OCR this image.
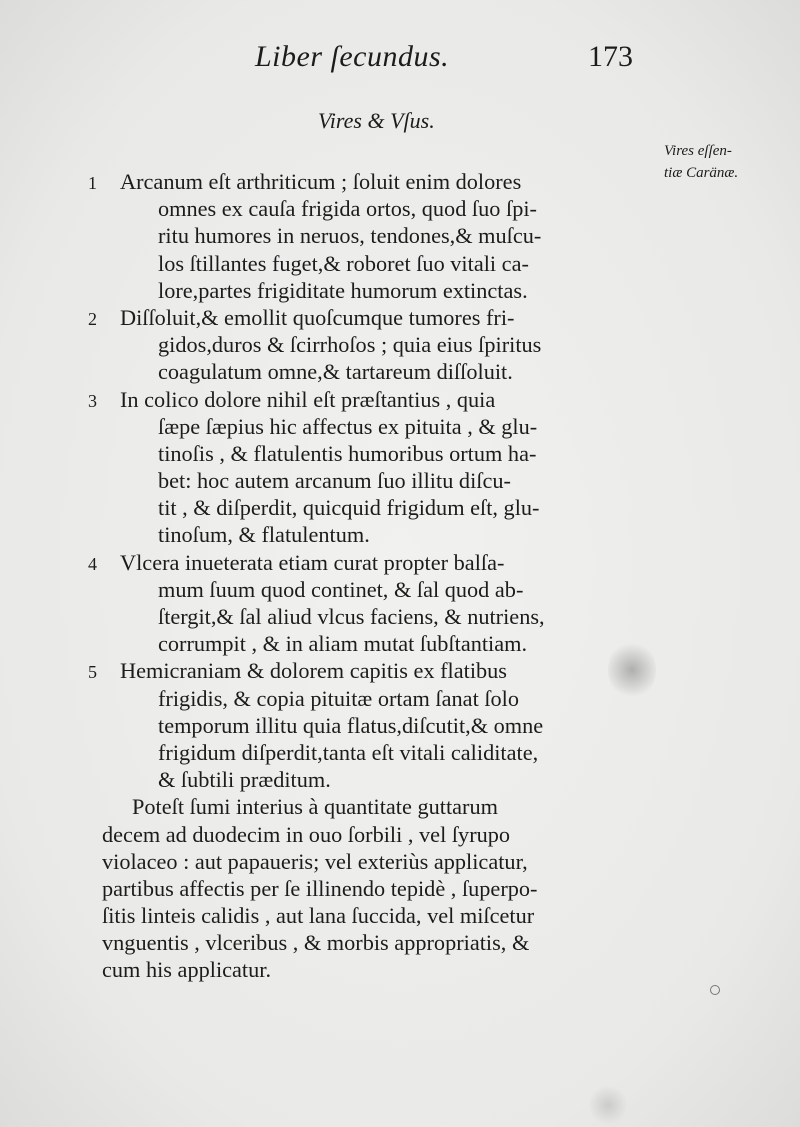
Liber ſecundus.	173
Vires & Vſus.
Vires eſſen-
tiæ Caränæ.
1 Arcanum eſt arthriticum ; ſoluit enim dolores
omnes ex cauſa frigida ortos, quod ſuo ſpi-
ritu humores in neruos, tendones,& muſcu-
los ſtillantes fuget,& roboret ſuo vitali ca-
lore,partes frigiditate humorum extinctas.
2 Diſſoluit,& emollit quoſcumque tumores fri-
gidos,duros & ſcirrhoſos ; quia eius ſpiritus
coagulatum omne,& tartareum diſſoluit.
3 In colico dolore nihil eſt præſtantius , quia
ſæpe ſæpius hic affectus ex pituita , & glu-
tinoſis , & flatulentis humoribus ortum ha-
bet: hoc autem arcanum ſuo illitu diſcu-
tit , & diſperdit, quicquid frigidum eſt, glu-
tinoſum, & flatulentum.
4 Vlcera inueterata etiam curat propter balſa-
mum ſuum quod continet, & ſal quod ab-
ſtergit,& ſal aliud vlcus faciens, & nutriens,
corrumpit , & in aliam mutat ſubſtantiam.
5 Hemicraniam & dolorem capitis ex flatibus
frigidis, & copia pituitæ ortam ſanat ſolo
temporum illitu quia flatus,diſcutit,& omne
frigidum diſperdit,tanta eſt vitali caliditate,
& ſubtili præditum.
Poteſt ſumi interius à quantitate guttarum
decem ad duodecim in ouo ſorbili , vel ſyrupo
violaceo : aut papaueris; vel exteriùs applicatur,
partibus affectis per ſe illinendo tepidè , ſuperpo-
ſitis linteis calidis , aut lana ſuccida, vel miſcetur
vnguentis , vlceribus , & morbis appropriatis, &
cum his applicatur.
